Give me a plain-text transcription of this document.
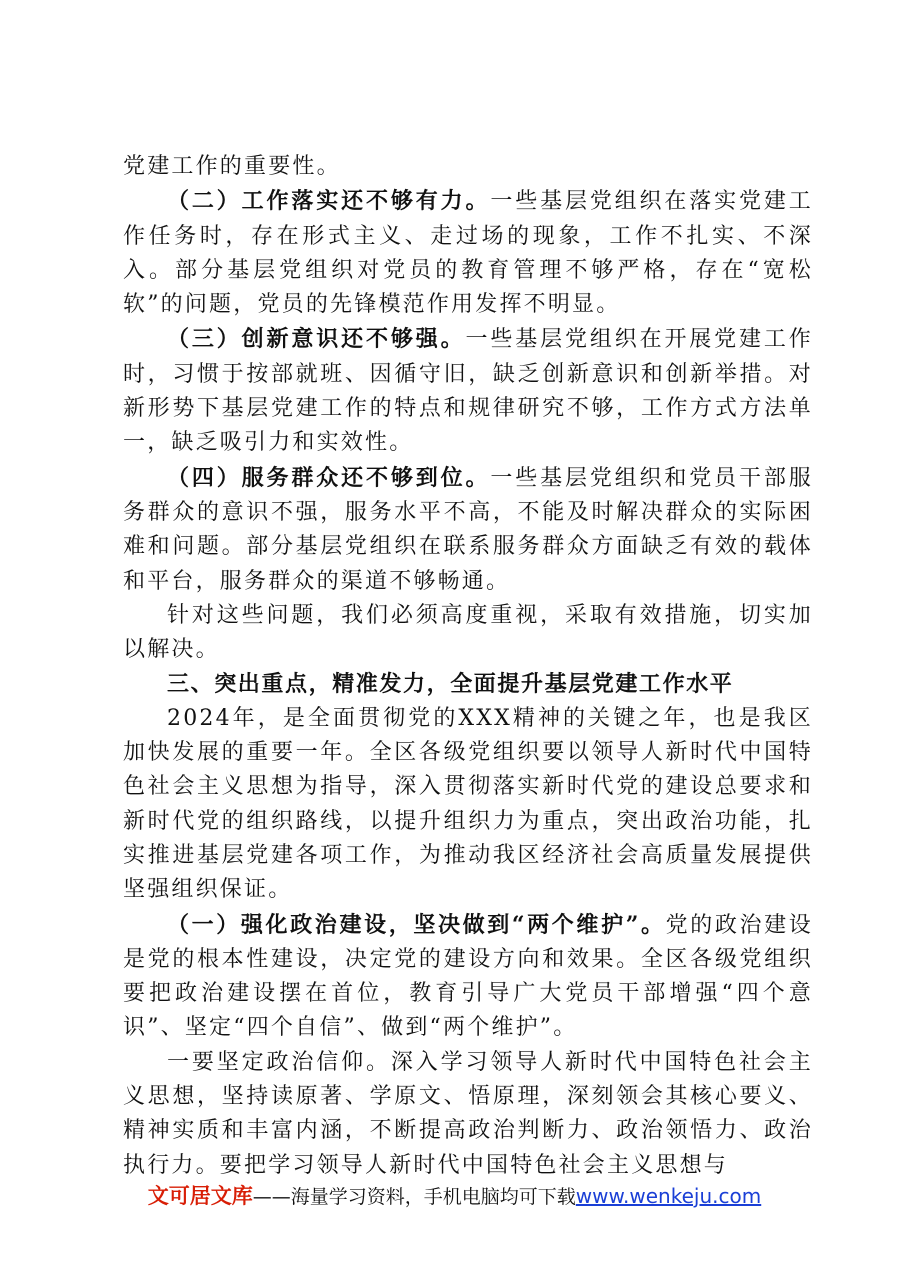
党建工作的重要性。

（二）工作落实还不够有力。一些基层党组织在落实党建工作任务时，存在形式主义、走过场的现象，工作不扎实、不深入。部分基层党组织对党员的教育管理不够严格，存在“宽松软”的问题，党员的先锋模范作用发挥不明显。

（三）创新意识还不够强。一些基层党组织在开展党建工作时，习惯于按部就班、因循守旧，缺乏创新意识和创新举措。对新形势下基层党建工作的特点和规律研究不够，工作方式方法单一，缺乏吸引力和实效性。

（四）服务群众还不够到位。一些基层党组织和党员干部服务群众的意识不强，服务水平不高，不能及时解决群众的实际困难和问题。部分基层党组织在联系服务群众方面缺乏有效的载体和平台，服务群众的渠道不够畅通。

针对这些问题，我们必须高度重视，采取有效措施，切实加以解决。

三、突出重点，精准发力，全面提升基层党建工作水平

2024年，是全面贯彻党的XXX精神的关键之年，也是我区加快发展的重要一年。全区各级党组织要以领导人新时代中国特色社会主义思想为指导，深入贯彻落实新时代党的建设总要求和新时代党的组织路线，以提升组织力为重点，突出政治功能，扎实推进基层党建各项工作，为推动我区经济社会高质量发展提供坚强组织保证。

（一）强化政治建设，坚决做到“两个维护”。党的政治建设是党的根本性建设，决定党的建设方向和效果。全区各级党组织要把政治建设摆在首位，教育引导广大党员干部增强“四个意识”、坚定“四个自信”、做到“两个维护”。

一要坚定政治信仰。深入学习领导人新时代中国特色社会主义思想，坚持读原著、学原文、悟原理，深刻领会其核心要义、精神实质和丰富内涵，不断提高政治判断力、政治领悟力、政治执行力。要把学习领导人新时代中国特色社会主义思想与

文可居文库——海量学习资料，手机电脑均可下载www.wenkeju.com
